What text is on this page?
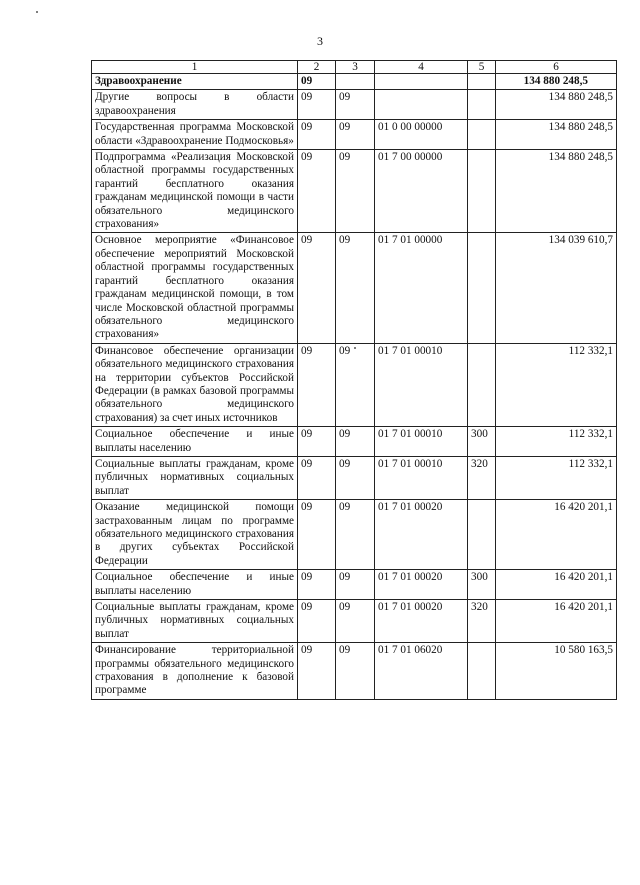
3
1	2	3	4	5	6
Здравоохранение	09				134 880 248,5
Другие вопросы в области здравоохранения	09	09			134 880 248,5
Государственная программа Московской области «Здравоохранение Подмосковья»	09	09	01 0 00 00000		134 880 248,5
Подпрограмма «Реализация Московской областной программы государственных гарантий бесплатного оказания гражданам медицинской помощи в части обязательного медицинского страхования»	09	09	01 7 00 00000		134 880 248,5
Основное мероприятие «Финансовое обеспечение мероприятий Московской областной программы государственных гарантий бесплатного оказания гражданам медицинской помощи, в том числе Московской областной программы обязательного медицинского страхования»	09	09	01 7 01 00000		134 039 610,7
Финансовое обеспечение организации обязательного медицинского страхования на территории субъектов Российской Федерации (в рамках базовой программы обязательного медицинского страхования) за счет иных источников	09	09	01 7 01 00010		112 332,1
Социальное обеспечение и иные выплаты населению	09	09	01 7 01 00010	300	112 332,1
Социальные выплаты гражданам, кроме публичных нормативных социальных выплат	09	09	01 7 01 00010	320	112 332,1
Оказание медицинской помощи застрахованным лицам по программе обязательного медицинского страхования в других субъектах Российской Федерации	09	09	01 7 01 00020		16 420 201,1
Социальное обеспечение и иные выплаты населению	09	09	01 7 01 00020	300	16 420 201,1
Социальные выплаты гражданам, кроме публичных нормативных социальных выплат	09	09	01 7 01 00020	320	16 420 201,1
Финансирование территориальной программы обязательного медицинского страхования в дополнение к базовой программе	09	09	01 7 01 06020		10 580 163,5
